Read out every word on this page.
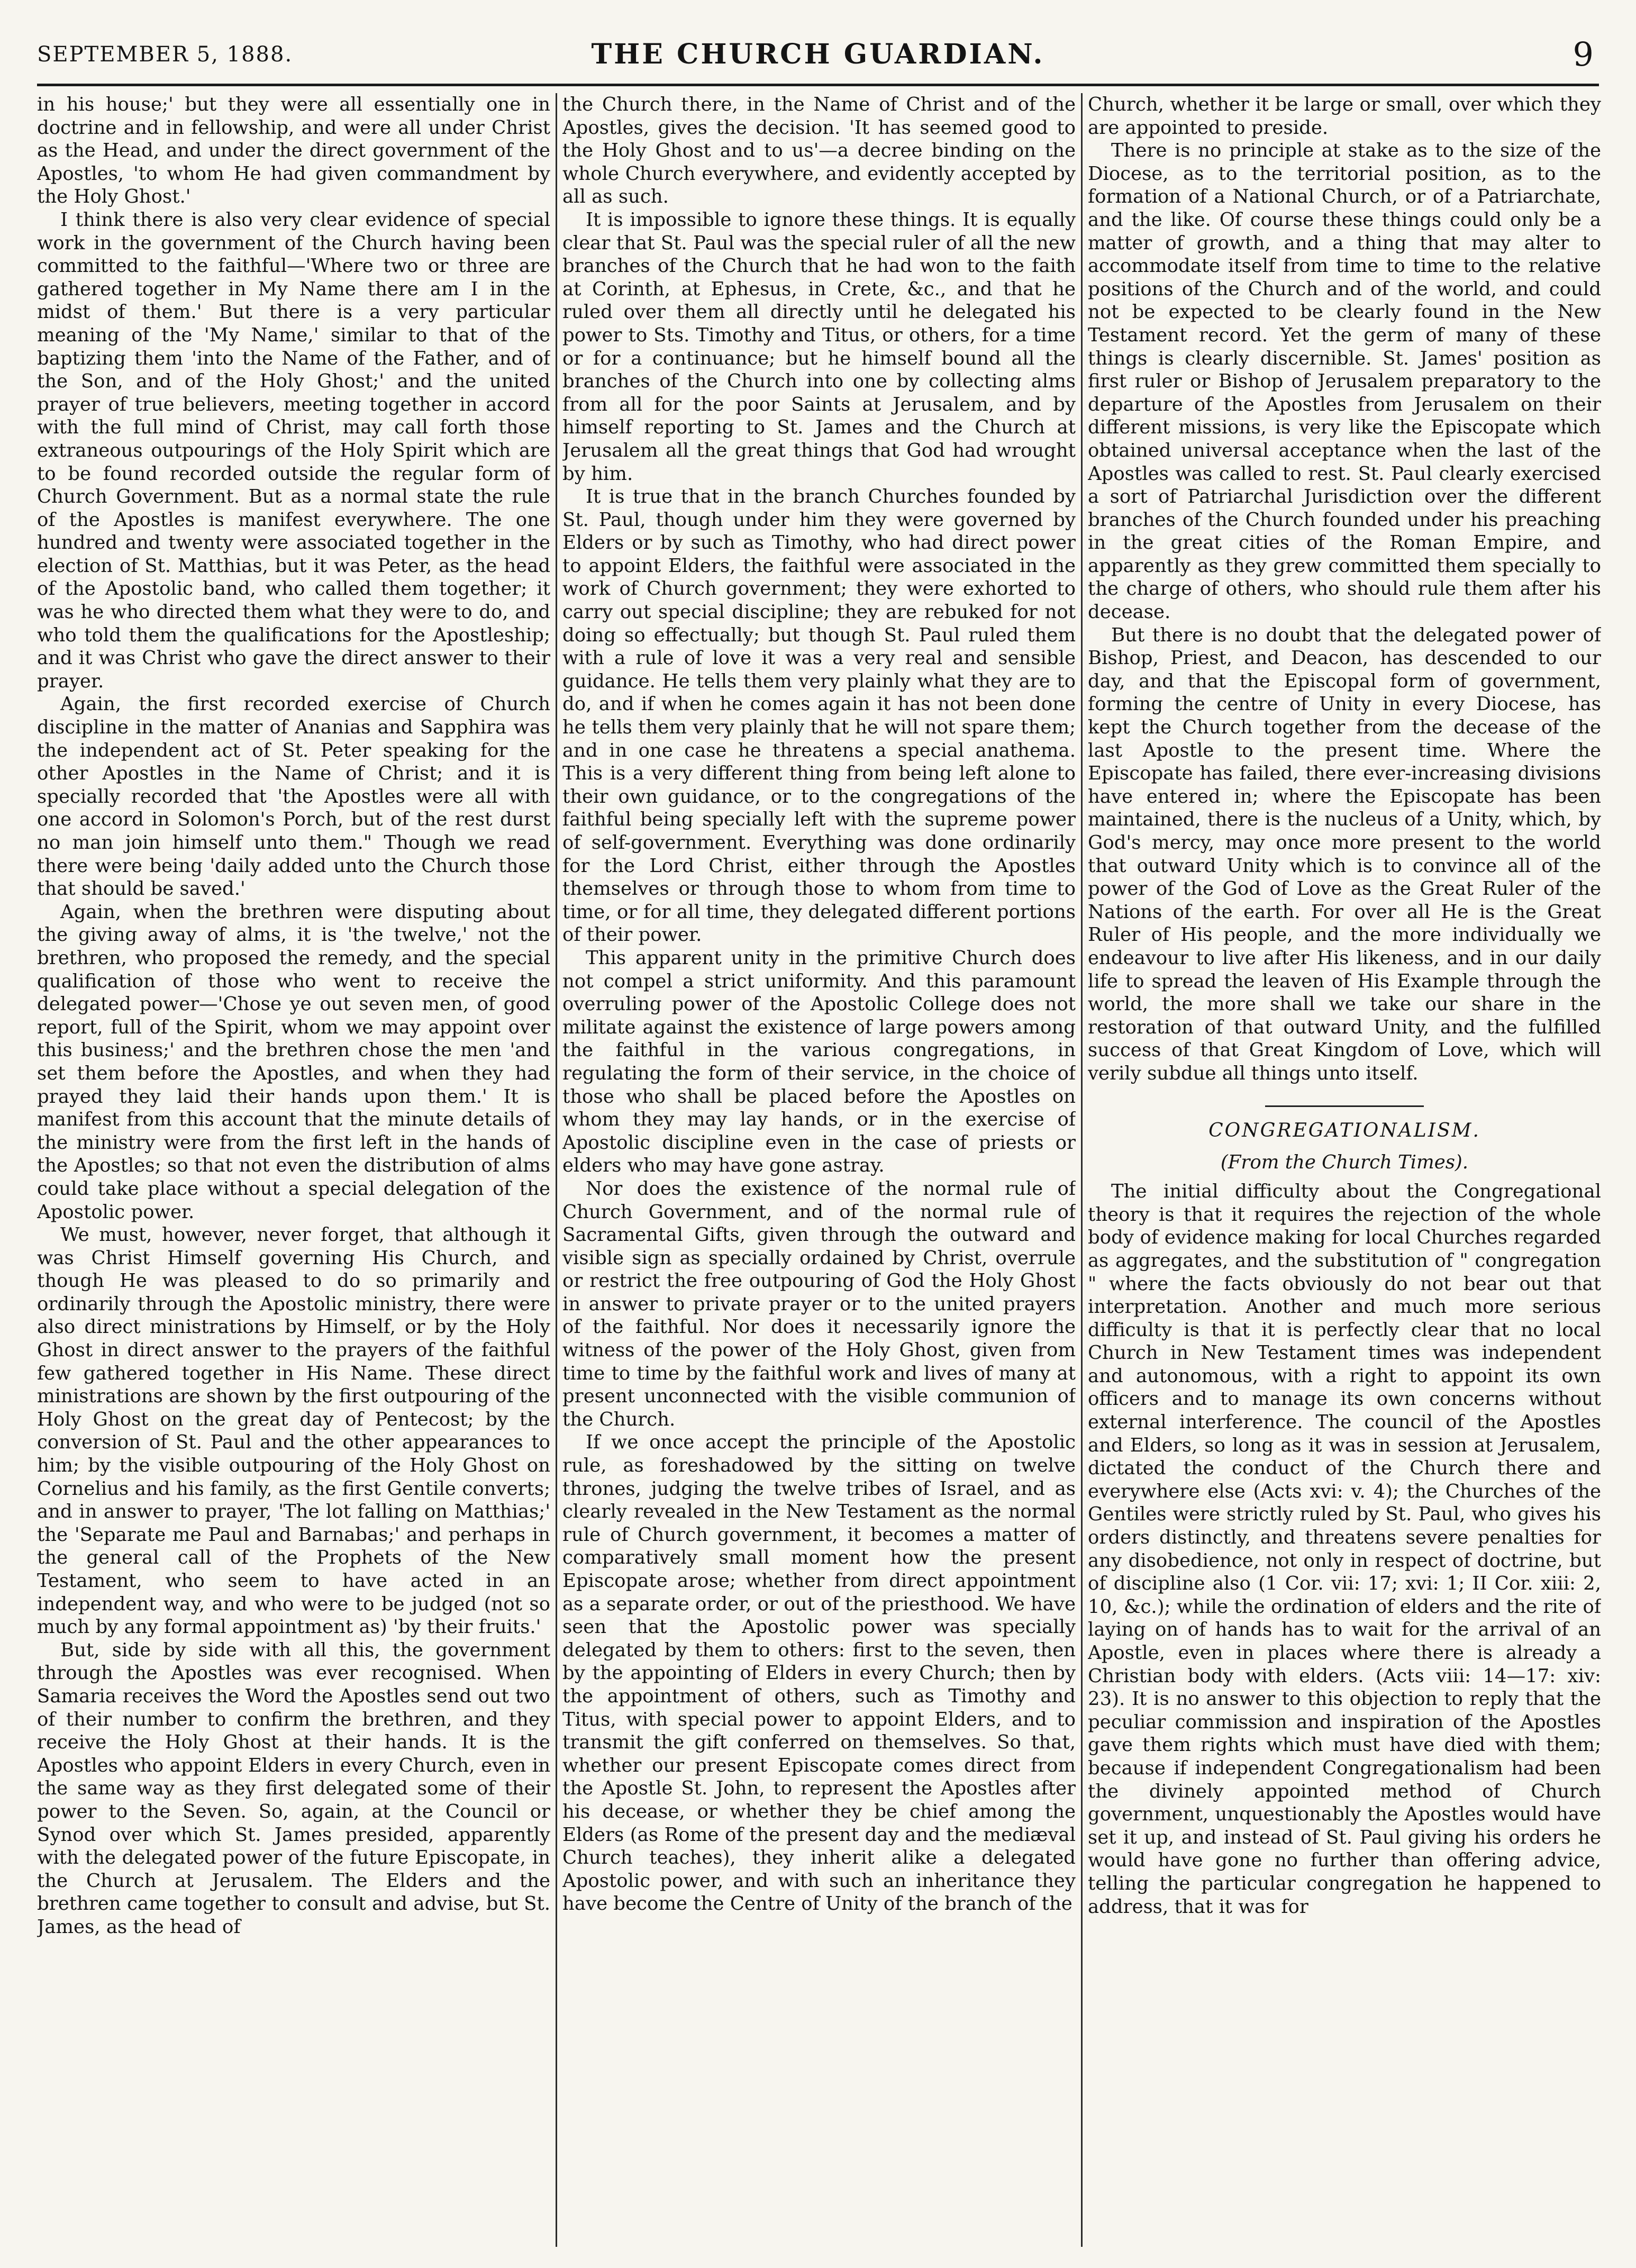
SEPTEMBER 5, 1888.	THE CHURCH GUARDIAN.	9

in his house;' but they were all essentially one in doctrine and in fellowship, and were all under Christ as the Head, and under the direct government of the Apostles, 'to whom He had given commandment by the Holy Ghost.'

I think there is also very clear evidence of special work in the government of the Church having been committed to the faithful—'Where two or three are gathered together in My Name there am I in the midst of them.' But there is a very particular meaning of the 'My Name,' similar to that of the baptizing them 'into the Name of the Father, and of the Son, and of the Holy Ghost;' and the united prayer of true believers, meeting together in accord with the full mind of Christ, may call forth those extraneous outpourings of the Holy Spirit which are to be found recorded outside the regular form of Church Government. But as a normal state the rule of the Apostles is manifest everywhere. The one hundred and twenty were associated together in the election of St. Matthias, but it was Peter, as the head of the Apostolic band, who called them together; it was he who directed them what they were to do, and who told them the qualifications for the Apostleship; and it was Christ who gave the direct answer to their prayer.

Again, the first recorded exercise of Church discipline in the matter of Ananias and Sapphira was the independent act of St. Peter speaking for the other Apostles in the Name of Christ; and it is specially recorded that 'the Apostles were all with one accord in Solomon's Porch, but of the rest durst no man join himself unto them." Though we read there were being 'daily added unto the Church those that should be saved.'

Again, when the brethren were disputing about the giving away of alms, it is 'the twelve,' not the brethren, who proposed the remedy, and the special qualification of those who went to receive the delegated power—'Chose ye out seven men, of good report, full of the Spirit, whom we may appoint over this business;' and the brethren chose the men 'and set them before the Apostles, and when they had prayed they laid their hands upon them.' It is manifest from this account that the minute details of the ministry were from the first left in the hands of the Apostles; so that not even the distribution of alms could take place without a special delegation of the Apostolic power.

We must, however, never forget, that although it was Christ Himself governing His Church, and though He was pleased to do so primarily and ordinarily through the Apostolic ministry, there were also direct ministrations by Himself, or by the Holy Ghost in direct answer to the prayers of the faithful few gathered together in His Name. These direct ministrations are shown by the first outpouring of the Holy Ghost on the great day of Pentecost; by the conversion of St. Paul and the other appearances to him; by the visible outpouring of the Holy Ghost on Cornelius and his family, as the first Gentile converts; and in answer to prayer, 'The lot falling on Matthias;' the 'Separate me Paul and Barnabas;' and perhaps in the general call of the Prophets of the New Testament, who seem to have acted in an independent way, and who were to be judged (not so much by any formal appointment as) 'by their fruits.'

But, side by side with all this, the government through the Apostles was ever recognised. When Samaria receives the Word the Apostles send out two of their number to confirm the brethren, and they receive the Holy Ghost at their hands. It is the Apostles who appoint Elders in every Church, even in the same way as they first delegated some of their power to the Seven. So, again, at the Council or Synod over which St. James presided, apparently with the delegated power of the future Episcopate, in the Church at Jerusalem. The Elders and the brethren came together to consult and advise, but St. James, as the head of

the Church there, in the Name of Christ and of the Apostles, gives the decision. 'It has seemed good to the Holy Ghost and to us'—a decree binding on the whole Church everywhere, and evidently accepted by all as such.

It is impossible to ignore these things. It is equally clear that St. Paul was the special ruler of all the new branches of the Church that he had won to the faith at Corinth, at Ephesus, in Crete, &c., and that he ruled over them all directly until he delegated his power to Sts. Timothy and Titus, or others, for a time or for a continuance; but he himself bound all the branches of the Church into one by collecting alms from all for the poor Saints at Jerusalem, and by himself reporting to St. James and the Church at Jerusalem all the great things that God had wrought by him.

It is true that in the branch Churches founded by St. Paul, though under him they were governed by Elders or by such as Timothy, who had direct power to appoint Elders, the faithful were associated in the work of Church government; they were exhorted to carry out special discipline; they are rebuked for not doing so effectually; but though St. Paul ruled them with a rule of love it was a very real and sensible guidance. He tells them very plainly what they are to do, and if when he comes again it has not been done he tells them very plainly that he will not spare them; and in one case he threatens a special anathema. This is a very different thing from being left alone to their own guidance, or to the congregations of the faithful being specially left with the supreme power of self-government. Everything was done ordinarily for the Lord Christ, either through the Apostles themselves or through those to whom from time to time, or for all time, they delegated different portions of their power.

This apparent unity in the primitive Church does not compel a strict uniformity. And this paramount overruling power of the Apostolic College does not militate against the existence of large powers among the faithful in the various congregations, in regulating the form of their service, in the choice of those who shall be placed before the Apostles on whom they may lay hands, or in the exercise of Apostolic discipline even in the case of priests or elders who may have gone astray.

Nor does the existence of the normal rule of Church Government, and of the normal rule of Sacramental Gifts, given through the outward and visible sign as specially ordained by Christ, overrule or restrict the free outpouring of God the Holy Ghost in answer to private prayer or to the united prayers of the faithful. Nor does it necessarily ignore the witness of the power of the Holy Ghost, given from time to time by the faithful work and lives of many at present unconnected with the visible communion of the Church.

If we once accept the principle of the Apostolic rule, as foreshadowed by the sitting on twelve thrones, judging the twelve tribes of Israel, and as clearly revealed in the New Testament as the normal rule of Church government, it becomes a matter of comparatively small moment how the present Episcopate arose; whether from direct appointment as a separate order, or out of the priesthood. We have seen that the Apostolic power was specially delegated by them to others: first to the seven, then by the appointing of Elders in every Church; then by the appointment of others, such as Timothy and Titus, with special power to appoint Elders, and to transmit the gift conferred on themselves. So that, whether our present Episcopate comes direct from the Apostle St. John, to represent the Apostles after his decease, or whether they be chief among the Elders (as Rome of the present day and the mediæval Church teaches), they inherit alike a delegated Apostolic power, and with such an inheritance they have become the Centre of Unity of the branch of the

Church, whether it be large or small, over which they are appointed to preside.

There is no principle at stake as to the size of the Diocese, as to the territorial position, as to the formation of a National Church, or of a Patriarchate, and the like. Of course these things could only be a matter of growth, and a thing that may alter to accommodate itself from time to time to the relative positions of the Church and of the world, and could not be expected to be clearly found in the New Testament record. Yet the germ of many of these things is clearly discernible. St. James' position as first ruler or Bishop of Jerusalem preparatory to the departure of the Apostles from Jerusalem on their different missions, is very like the Episcopate which obtained universal acceptance when the last of the Apostles was called to rest. St. Paul clearly exercised a sort of Patriarchal Jurisdiction over the different branches of the Church founded under his preaching in the great cities of the Roman Empire, and apparently as they grew committed them specially to the charge of others, who should rule them after his decease.

But there is no doubt that the delegated power of Bishop, Priest, and Deacon, has descended to our day, and that the Episcopal form of government, forming the centre of Unity in every Diocese, has kept the Church together from the decease of the last Apostle to the present time. Where the Episcopate has failed, there ever-increasing divisions have entered in; where the Episcopate has been maintained, there is the nucleus of a Unity, which, by God's mercy, may once more present to the world that outward Unity which is to convince all of the power of the God of Love as the Great Ruler of the Nations of the earth. For over all He is the Great Ruler of His people, and the more individually we endeavour to live after His likeness, and in our daily life to spread the leaven of His Example through the world, the more shall we take our share in the restoration of that outward Unity, and the fulfilled success of that Great Kingdom of Love, which will verily subdue all things unto itself.

CONGREGATIONALISM.
(From the Church Times).

The initial difficulty about the Congregational theory is that it requires the rejection of the whole body of evidence making for local Churches regarded as aggregates, and the substitution of " congregation " where the facts obviously do not bear out that interpretation. Another and much more serious difficulty is that it is perfectly clear that no local Church in New Testament times was independent and autonomous, with a right to appoint its own officers and to manage its own concerns without external interference. The council of the Apostles and Elders, so long as it was in session at Jerusalem, dictated the conduct of the Church there and everywhere else (Acts xvi: v. 4); the Churches of the Gentiles were strictly ruled by St. Paul, who gives his orders distinctly, and threatens severe penalties for any disobedience, not only in respect of doctrine, but of discipline also (1 Cor. vii: 17; xvi: 1; II Cor. xiii: 2, 10, &c.); while the ordination of elders and the rite of laying on of hands has to wait for the arrival of an Apostle, even in places where there is already a Christian body with elders. (Acts viii: 14—17: xiv: 23). It is no answer to this objection to reply that the peculiar commission and inspiration of the Apostles gave them rights which must have died with them; because if independent Congregationalism had been the divinely appointed method of Church government, unquestionably the Apostles would have set it up, and instead of St. Paul giving his orders he would have gone no further than offering advice, telling the particular congregation he happened to address, that it was for
